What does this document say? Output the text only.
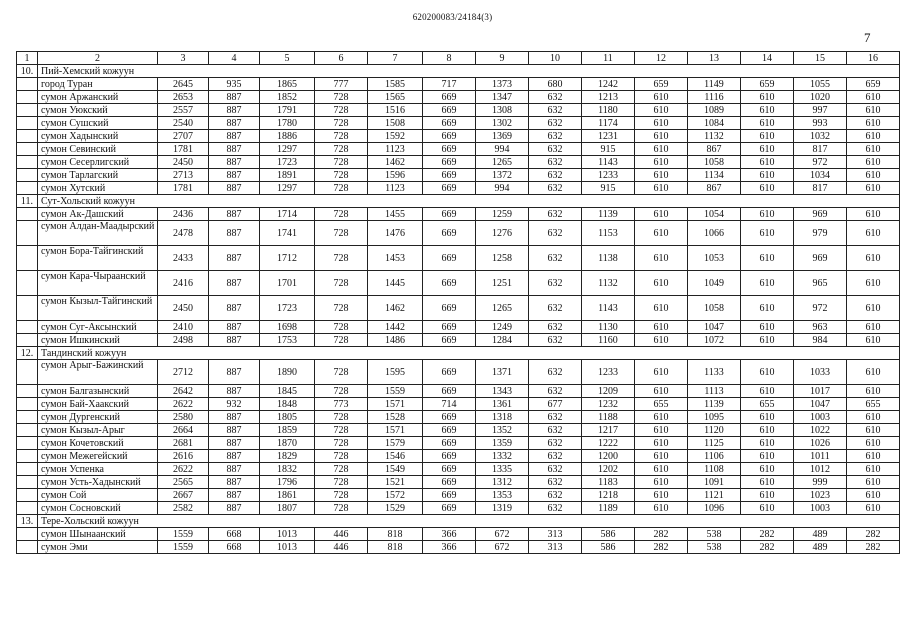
620200083/24184(3)
7
1	2	3	4	5	6	7	8	9	10	11	12	13	14	15	16
10.	Пий-Хемский кожуун														
	город Туран	2645	935	1865	777	1585	717	1373	680	1242	659	1149	659	1055	659
	сумон Аржанский	2653	887	1852	728	1565	669	1347	632	1213	610	1116	610	1020	610
	сумон Уюкский	2557	887	1791	728	1516	669	1308	632	1180	610	1089	610	997	610
	сумон Сушский	2540	887	1780	728	1508	669	1302	632	1174	610	1084	610	993	610
	сумон Хадынский	2707	887	1886	728	1592	669	1369	632	1231	610	1132	610	1032	610
	сумон Севинский	1781	887	1297	728	1123	669	994	632	915	610	867	610	817	610
	сумон Сесерлигский	2450	887	1723	728	1462	669	1265	632	1143	610	1058	610	972	610
	сумон Тарлагский	2713	887	1891	728	1596	669	1372	632	1233	610	1134	610	1034	610
	сумон Хутский	1781	887	1297	728	1123	669	994	632	915	610	867	610	817	610
11.	Сут-Хольский кожуун														
	сумон Ак-Дашский	2436	887	1714	728	1455	669	1259	632	1139	610	1054	610	969	610
	сумон Алдан-Маадырский	2478	887	1741	728	1476	669	1276	632	1153	610	1066	610	979	610
	сумон Бора-Тайгинский	2433	887	1712	728	1453	669	1258	632	1138	610	1053	610	969	610
	сумон Кара-Чыраанский	2416	887	1701	728	1445	669	1251	632	1132	610	1049	610	965	610
	сумон Кызыл-Тайгинский	2450	887	1723	728	1462	669	1265	632	1143	610	1058	610	972	610
	сумон Суг-Аксынский	2410	887	1698	728	1442	669	1249	632	1130	610	1047	610	963	610
	сумон Ишкинский	2498	887	1753	728	1486	669	1284	632	1160	610	1072	610	984	610
12.	Тандинский кожуун														
	сумон Арыг-Бажинский	2712	887	1890	728	1595	669	1371	632	1233	610	1133	610	1033	610
	сумон Балгазынский	2642	887	1845	728	1559	669	1343	632	1209	610	1113	610	1017	610
	сумон Бай-Хаакский	2622	932	1848	773	1571	714	1361	677	1232	655	1139	655	1047	655
	сумон Дургенский	2580	887	1805	728	1528	669	1318	632	1188	610	1095	610	1003	610
	сумон Кызыл-Арыг	2664	887	1859	728	1571	669	1352	632	1217	610	1120	610	1022	610
	сумон Кочетовский	2681	887	1870	728	1579	669	1359	632	1222	610	1125	610	1026	610
	сумон Межегейский	2616	887	1829	728	1546	669	1332	632	1200	610	1106	610	1011	610
	сумон Успенка	2622	887	1832	728	1549	669	1335	632	1202	610	1108	610	1012	610
	сумон Усть-Хадынский	2565	887	1796	728	1521	669	1312	632	1183	610	1091	610	999	610
	сумон Сой	2667	887	1861	728	1572	669	1353	632	1218	610	1121	610	1023	610
	сумон Сосновский	2582	887	1807	728	1529	669	1319	632	1189	610	1096	610	1003	610
13.	Тере-Хольский кожуун														
	сумон Шынаанский	1559	668	1013	446	818	366	672	313	586	282	538	282	489	282
	сумон Эми	1559	668	1013	446	818	366	672	313	586	282	538	282	489	282
